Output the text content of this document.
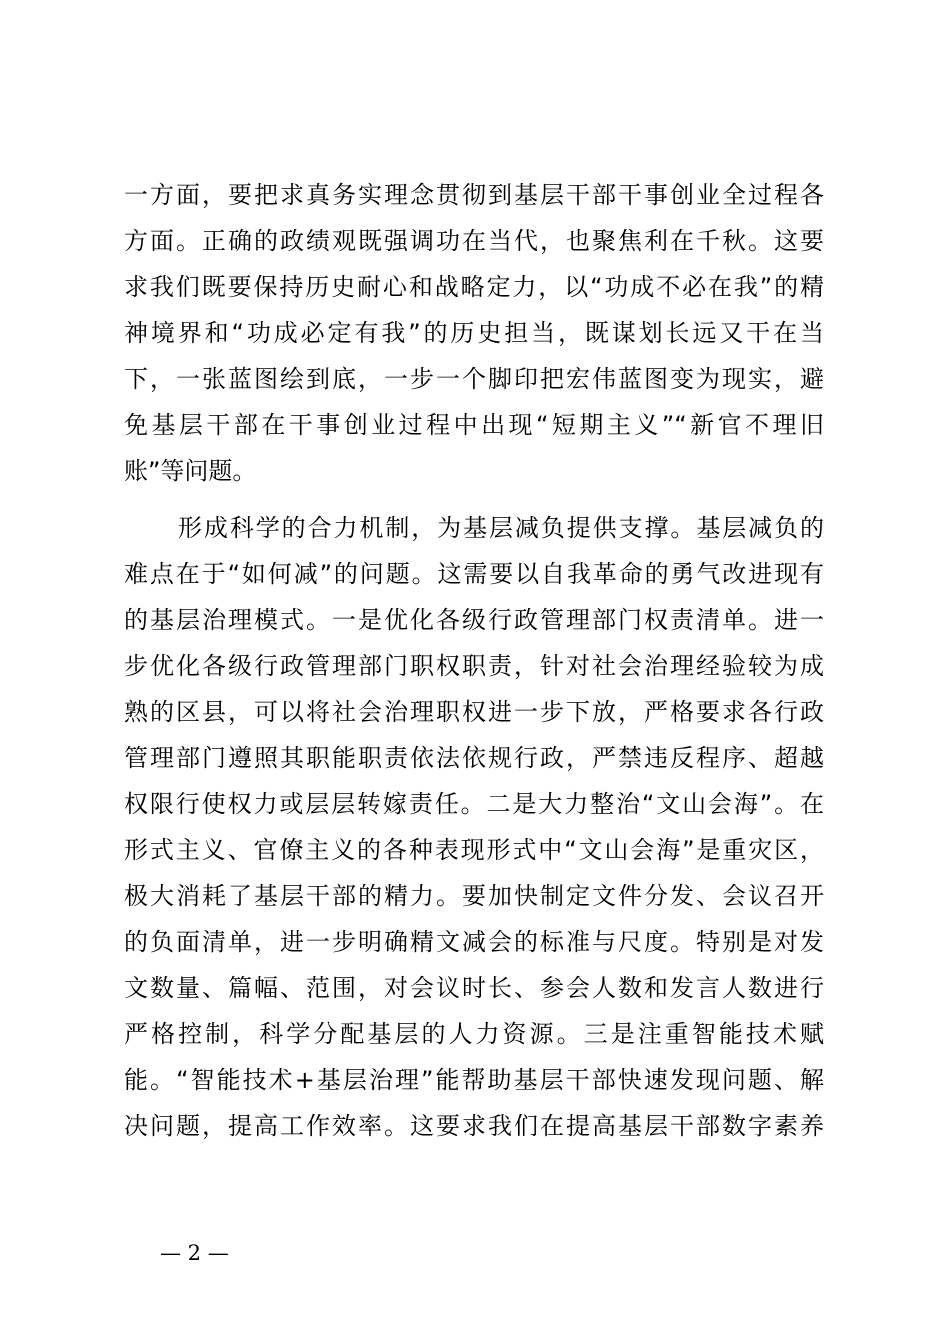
一方面，要把求真务实理念贯彻到基层干部干事创业全过程各
方面。正确的政绩观既强调功在当代，也聚焦利在千秋。这要
求我们既要保持历史耐心和战略定力，以“功成不必在我”的精
神境界和“功成必定有我”的历史担当，既谋划长远又干在当
下，一张蓝图绘到底，一步一个脚印把宏伟蓝图变为现实，避
免基层干部在干事创业过程中出现“短期主义”“新官不理旧
账”等问题。
形成科学的合力机制，为基层减负提供支撑。基层减负的
难点在于“如何减”的问题。这需要以自我革命的勇气改进现有
的基层治理模式。一是优化各级行政管理部门权责清单。进一
步优化各级行政管理部门职权职责，针对社会治理经验较为成
熟的区县，可以将社会治理职权进一步下放，严格要求各行政
管理部门遵照其职能职责依法依规行政，严禁违反程序、超越
权限行使权力或层层转嫁责任。二是大力整治“文山会海”。在
形式主义、官僚主义的各种表现形式中“文山会海”是重灾区，
极大消耗了基层干部的精力。要加快制定文件分发、会议召开
的负面清单，进一步明确精文减会的标准与尺度。特别是对发
文数量、篇幅、范围，对会议时长、参会人数和发言人数进行
严格控制，科学分配基层的人力资源。三是注重智能技术赋
能。“智能技术+基层治理”能帮助基层干部快速发现问题、解
决问题，提高工作效率。这要求我们在提高基层干部数字素养
— 2 —
